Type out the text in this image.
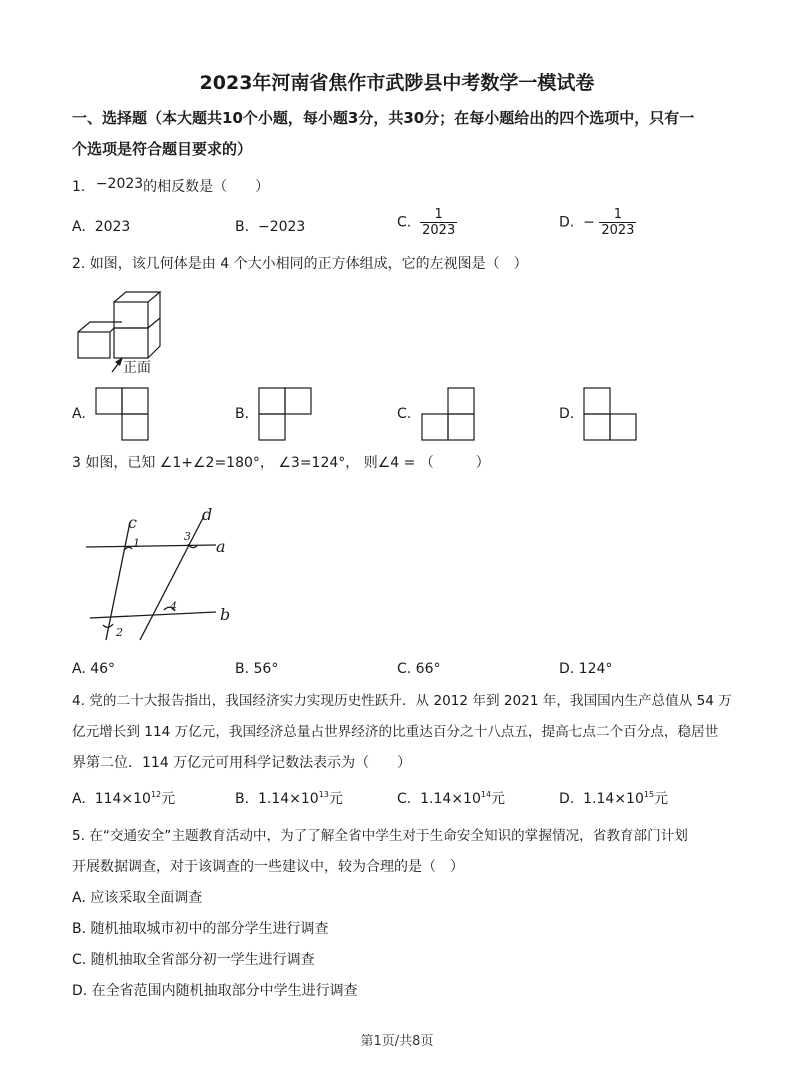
2023年河南省焦作市武陟县中考数学一模试卷
一、选择题（本大题共10个小题，每小题3分，共30分；在每小题给出的四个选项中，只有一
个选项是符合题目要求的）
1. −2023的相反数是（　　）
A. 2023	B. −2023	C. $\frac{1}{2023}$	D. − $\frac{1}{2023}$
2. 如图，该几何体是由 4 个大小相同的正方体组成，它的左视图是（　）
正面
A.	B.	C.	D.
3 如图，已知 ∠1+∠2=180°， ∠3=124°， 则∠4 = （　　　）
c	d
a
b
1
2
3
4
A. 46°	B. 56°	C. 66°	D. 124°
4. 党的二十大报告指出，我国经济实力实现历史性跃升．从 2012 年到 2021 年，我国国内生产总值从 54 万
亿元增长到 114 万亿元，我国经济总量占世界经济的比重达百分之十八点五，提高七点二个百分点，稳居世
界第二位．114 万亿元可用科学记数法表示为（　　）
A. $114\times 10^{12}$元	B. $1.14\times 10^{13}$元	C. $1.14\times 10^{14}$元	D. $1.14\times 10^{15}$元
5. 在“交通安全”主题教育活动中，为了了解全省中学生对于生命安全知识的掌握情况，省教育部门计划
开展数据调查，对于该调查的一些建议中，较为合理的是（　）
A. 应该采取全面调查
B. 随机抽取城市初中的部分学生进行调查
C. 随机抽取全省部分初一学生进行调查
D. 在全省范围内随机抽取部分中学生进行调查
第1页/共8页
